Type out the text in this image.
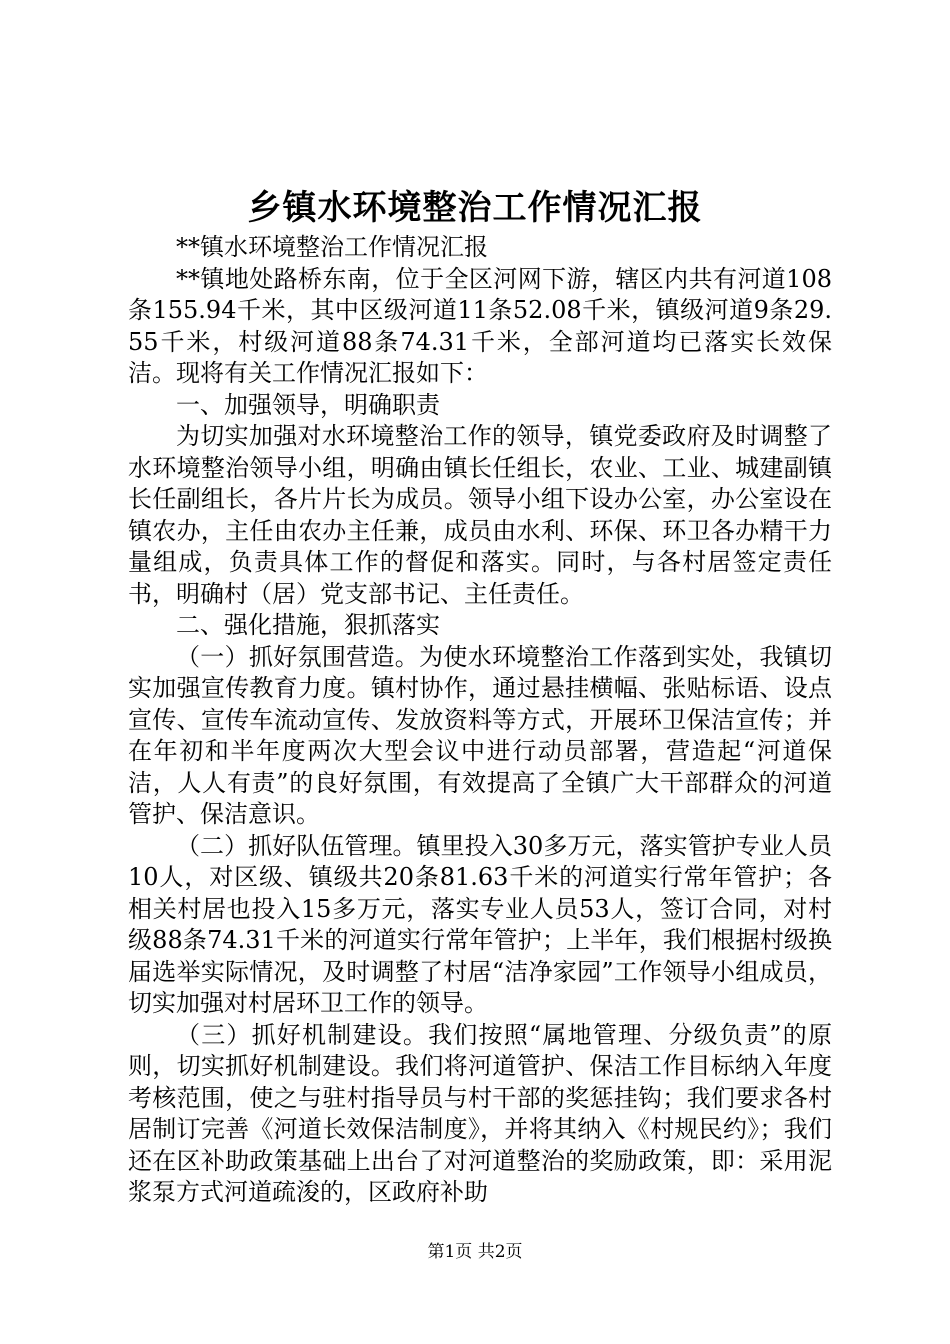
乡镇水环境整治工作情况汇报

**镇水环境整治工作情况汇报

**镇地处路桥东南，位于全区河网下游，辖区内共有河道108条155.94千米，其中区级河道11条52.08千米，镇级河道9条29.55千米，村级河道88条74.31千米，全部河道均已落实长效保洁。现将有关工作情况汇报如下：

一、加强领导，明确职责

为切实加强对水环境整治工作的领导，镇党委政府及时调整了水环境整治领导小组，明确由镇长任组长，农业、工业、城建副镇长任副组长，各片片长为成员。领导小组下设办公室，办公室设在镇农办，主任由农办主任兼，成员由水利、环保、环卫各办精干力量组成，负责具体工作的督促和落实。同时，与各村居签定责任书，明确村（居）党支部书记、主任责任。

二、强化措施，狠抓落实

（一）抓好氛围营造。为使水环境整治工作落到实处，我镇切实加强宣传教育力度。镇村协作，通过悬挂横幅、张贴标语、设点宣传、宣传车流动宣传、发放资料等方式，开展环卫保洁宣传；并在年初和半年度两次大型会议中进行动员部署，营造起“河道保洁，人人有责”的良好氛围，有效提高了全镇广大干部群众的河道管护、保洁意识。

（二）抓好队伍管理。镇里投入30多万元，落实管护专业人员10人，对区级、镇级共20条81.63千米的河道实行常年管护；各相关村居也投入15多万元，落实专业人员53人，签订合同，对村级88条74.31千米的河道实行常年管护；上半年，我们根据村级换届选举实际情况，及时调整了村居“洁净家园”工作领导小组成员，切实加强对村居环卫工作的领导。

（三）抓好机制建设。我们按照“属地管理、分级负责”的原则，切实抓好机制建设。我们将河道管护、保洁工作目标纳入年度考核范围，使之与驻村指导员与村干部的奖惩挂钩；我们要求各村居制订完善《河道长效保洁制度》，并将其纳入《村规民约》；我们还在区补助政策基础上出台了对河道整治的奖励政策，即：采用泥浆泵方式河道疏浚的，区政府补助

第1页 共2页
